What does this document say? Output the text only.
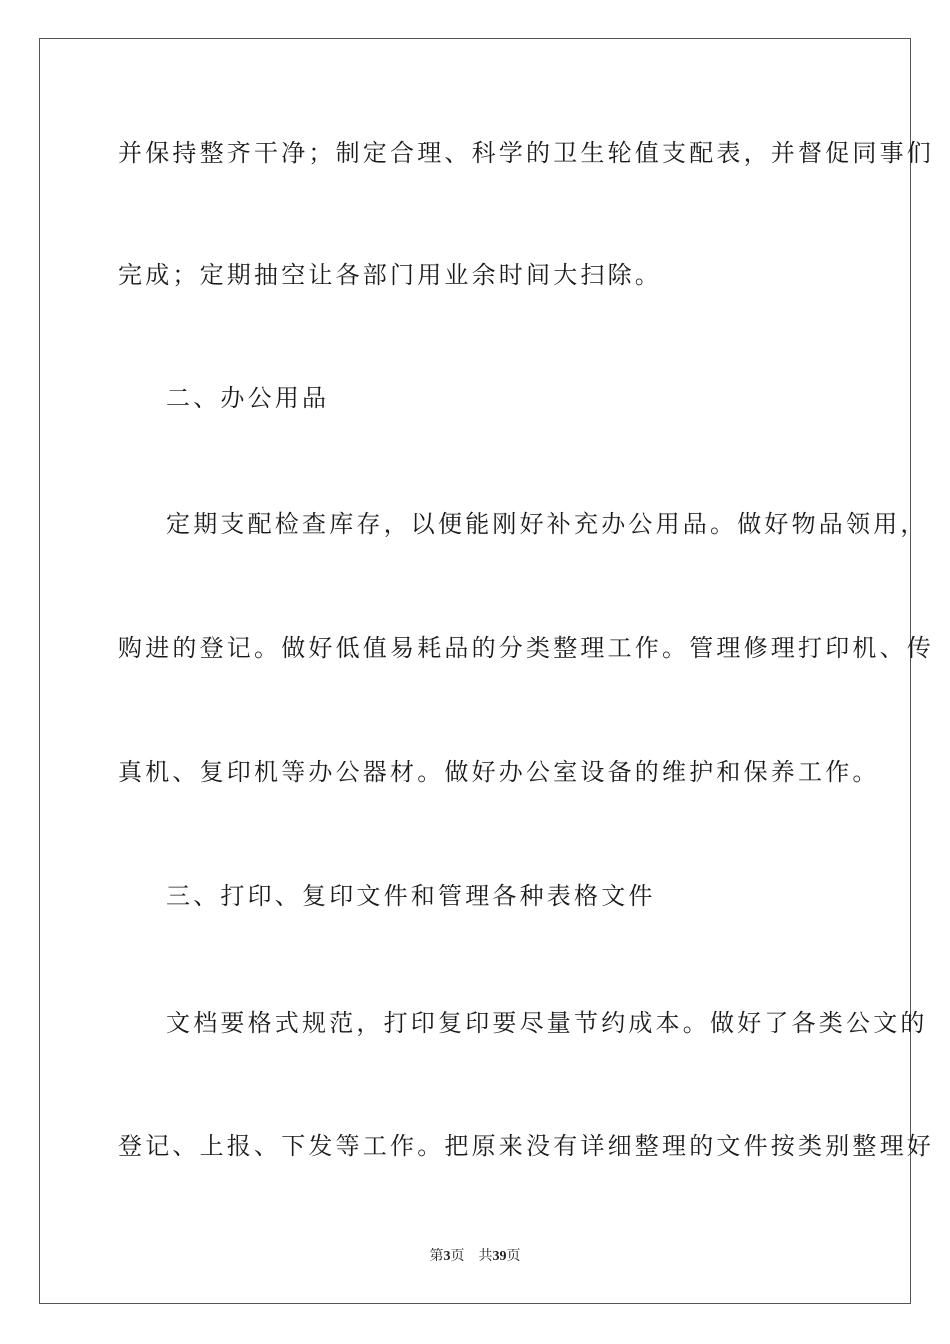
并保持整齐干净；制定合理、科学的卫生轮值支配表，并督促同事们
完成；定期抽空让各部门用业余时间大扫除。
二、办公用品
定期支配检查库存，以便能刚好补充办公用品。做好物品领用，
购进的登记。做好低值易耗品的分类整理工作。管理修理打印机、传
真机、复印机等办公器材。做好办公室设备的维护和保养工作。
三、打印、复印文件和管理各种表格文件
文档要格式规范，打印复印要尽量节约成本。做好了各类公文的
登记、上报、下发等工作。把原来没有详细整理的文件按类别整理好
第3页 共39页
